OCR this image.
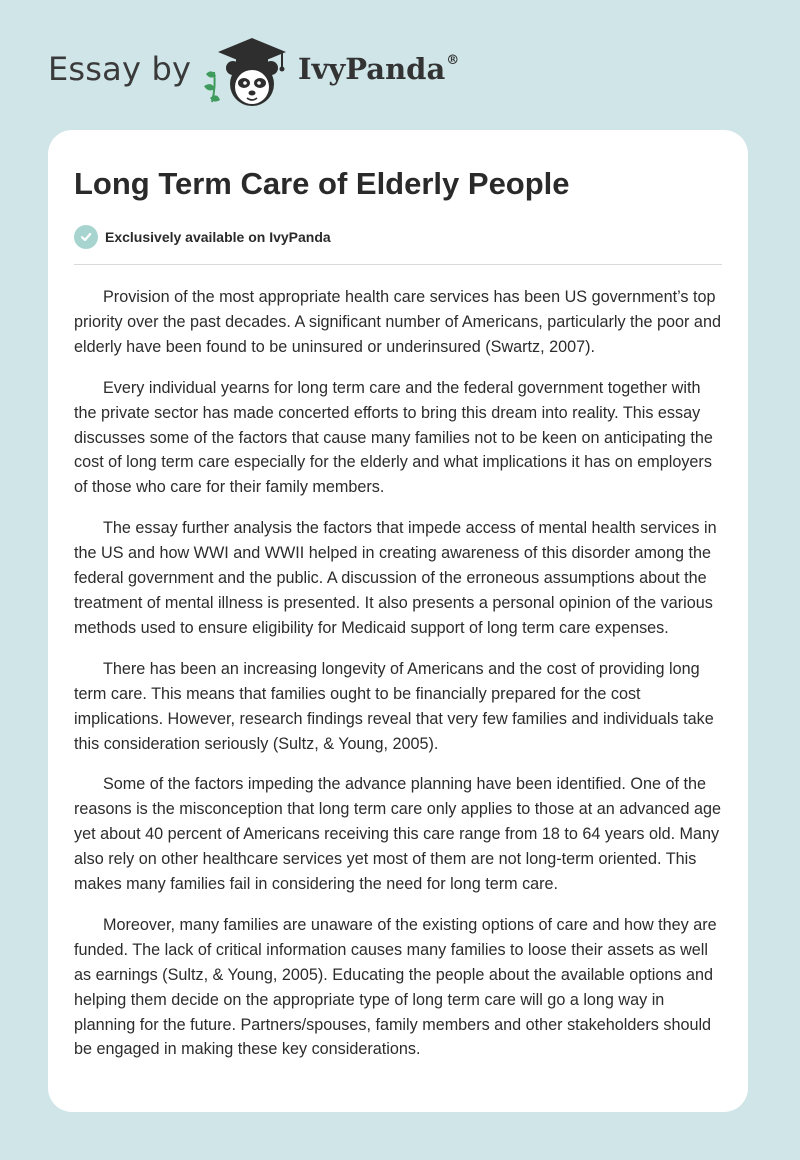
Essay by	IvyPanda®
Long Term Care of Elderly People
Exclusively available on IvyPanda

Provision of the most appropriate health care services has been US government’s top priority over the past decades. A significant number of Americans, particularly the poor and elderly have been found to be uninsured or underinsured (Swartz, 2007).

Every individual yearns for long term care and the federal government together with the private sector has made concerted efforts to bring this dream into reality. This essay discusses some of the factors that cause many families not to be keen on anticipating the cost of long term care especially for the elderly and what implications it has on employers of those who care for their family members.

The essay further analysis the factors that impede access of mental health services in the US and how WWI and WWII helped in creating awareness of this disorder among the federal government and the public. A discussion of the erroneous assumptions about the treatment of mental illness is presented. It also presents a personal opinion of the various methods used to ensure eligibility for Medicaid support of long term care expenses.

There has been an increasing longevity of Americans and the cost of providing long term care. This means that families ought to be financially prepared for the cost implications. However, research findings reveal that very few families and individuals take this consideration seriously (Sultz, & Young, 2005).

Some of the factors impeding the advance planning have been identified. One of the reasons is the misconception that long term care only applies to those at an advanced age yet about 40 percent of Americans receiving this care range from 18 to 64 years old. Many also rely on other healthcare services yet most of them are not long-term oriented. This makes many families fail in considering the need for long term care.

Moreover, many families are unaware of the existing options of care and how they are funded. The lack of critical information causes many families to loose their assets as well as earnings (Sultz, & Young, 2005). Educating the people about the available options and helping them decide on the appropriate type of long term care will go a long way in planning for the future. Partners/spouses, family members and other stakeholders should be engaged in making these key considerations.
